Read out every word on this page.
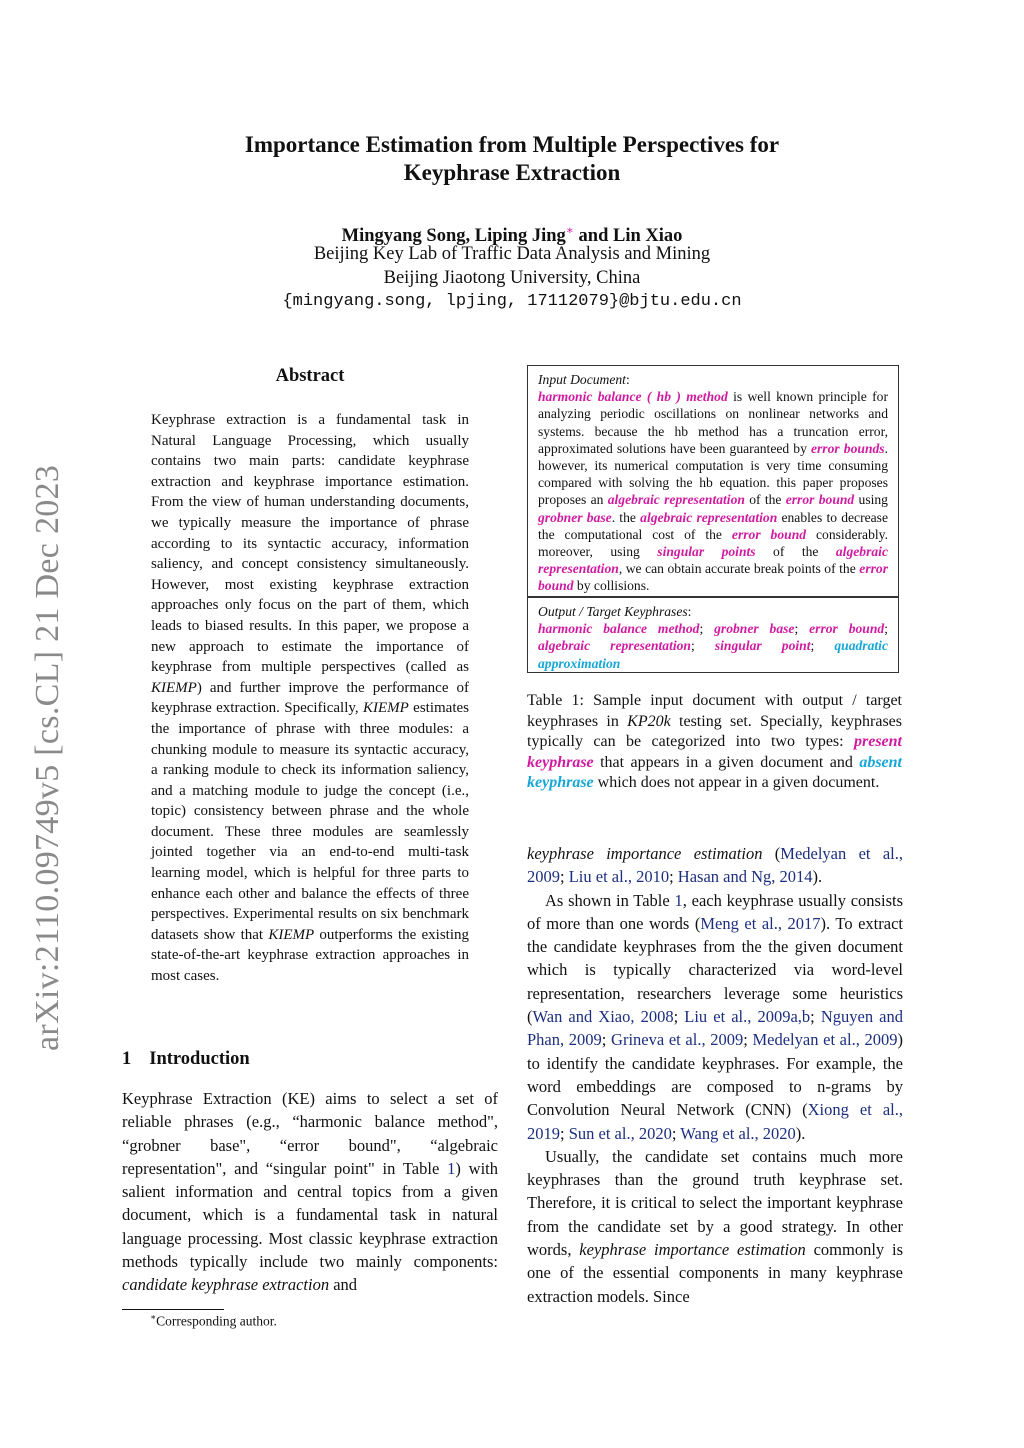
arXiv:2110.09749v5 [cs.CL] 21 Dec 2023
Importance Estimation from Multiple Perspectives for
Keyphrase Extraction
Mingyang Song, Liping Jing∗ and Lin Xiao
Beijing Key Lab of Traffic Data Analysis and Mining
Beijing Jiaotong University, China
{mingyang.song, lpjing, 17112079}@bjtu.edu.cn
Abstract

Keyphrase extraction is a fundamental task in Natural Language Processing, which usually contains two main parts: candidate keyphrase extraction and keyphrase importance estimation. From the view of human understanding documents, we typically measure the importance of phrase according to its syntactic accuracy, information saliency, and concept consistency simultaneously. However, most existing keyphrase extraction approaches only focus on the part of them, which leads to biased results. In this paper, we propose a new approach to estimate the importance of keyphrase from multiple perspectives (called as KIEMP) and further improve the performance of keyphrase extraction. Specifically, KIEMP estimates the importance of phrase with three modules: a chunking module to measure its syntactic accuracy, a ranking module to check its information saliency, and a matching module to judge the concept (i.e., topic) consistency between phrase and the whole document. These three modules are seamlessly jointed together via an end-to-end multi-task learning model, which is helpful for three parts to enhance each other and balance the effects of three perspectives. Experimental results on six benchmark datasets show that KIEMP outperforms the existing state-of-the-art keyphrase extraction approaches in most cases.

1 Introduction

Keyphrase Extraction (KE) aims to select a set of reliable phrases (e.g., “harmonic balance method", “grobner base", “error bound", “algebraic representation", and “singular point" in Table 1) with salient information and central topics from a given document, which is a fundamental task in natural language processing. Most classic keyphrase extraction methods typically include two mainly components: candidate keyphrase extraction and

∗Corresponding author.
Input Document:
harmonic balance ( hb ) method is well known principle for analyzing periodic oscillations on nonlinear networks and systems. because the hb method has a truncation error, approximated solutions have been guaranteed by error bounds. however, its numerical computation is very time consuming compared with solving the hb equation. this paper proposes proposes an algebraic representation of the error bound using grobner base. the algebraic representation enables to decrease the computational cost of the error bound considerably. moreover, using singular points of the algebraic representation, we can obtain accurate break points of the error bound by collisions.
Output / Target Keyphrases:
harmonic balance method; grobner base; error bound; algebraic representation; singular point; quadratic approximation
Table 1: Sample input document with output / target keyphrases in KP20k testing set. Specially, keyphrases typically can be categorized into two types: present keyphrase that appears in a given document and absent keyphrase which does not appear in a given document.

keyphrase importance estimation (Medelyan et al., 2009; Liu et al., 2010; Hasan and Ng, 2014).

As shown in Table 1, each keyphrase usually consists of more than one words (Meng et al., 2017). To extract the candidate keyphrases from the the given document which is typically characterized via word-level representation, researchers leverage some heuristics (Wan and Xiao, 2008; Liu et al., 2009a,b; Nguyen and Phan, 2009; Grineva et al., 2009; Medelyan et al., 2009) to identify the candidate keyphrases. For example, the word embeddings are composed to n-grams by Convolution Neural Network (CNN) (Xiong et al., 2019; Sun et al., 2020; Wang et al., 2020).

Usually, the candidate set contains much more keyphrases than the ground truth keyphrase set. Therefore, it is critical to select the important keyphrase from the candidate set by a good strategy. In other words, keyphrase importance estimation commonly is one of the essential components in many keyphrase extraction models. Since
